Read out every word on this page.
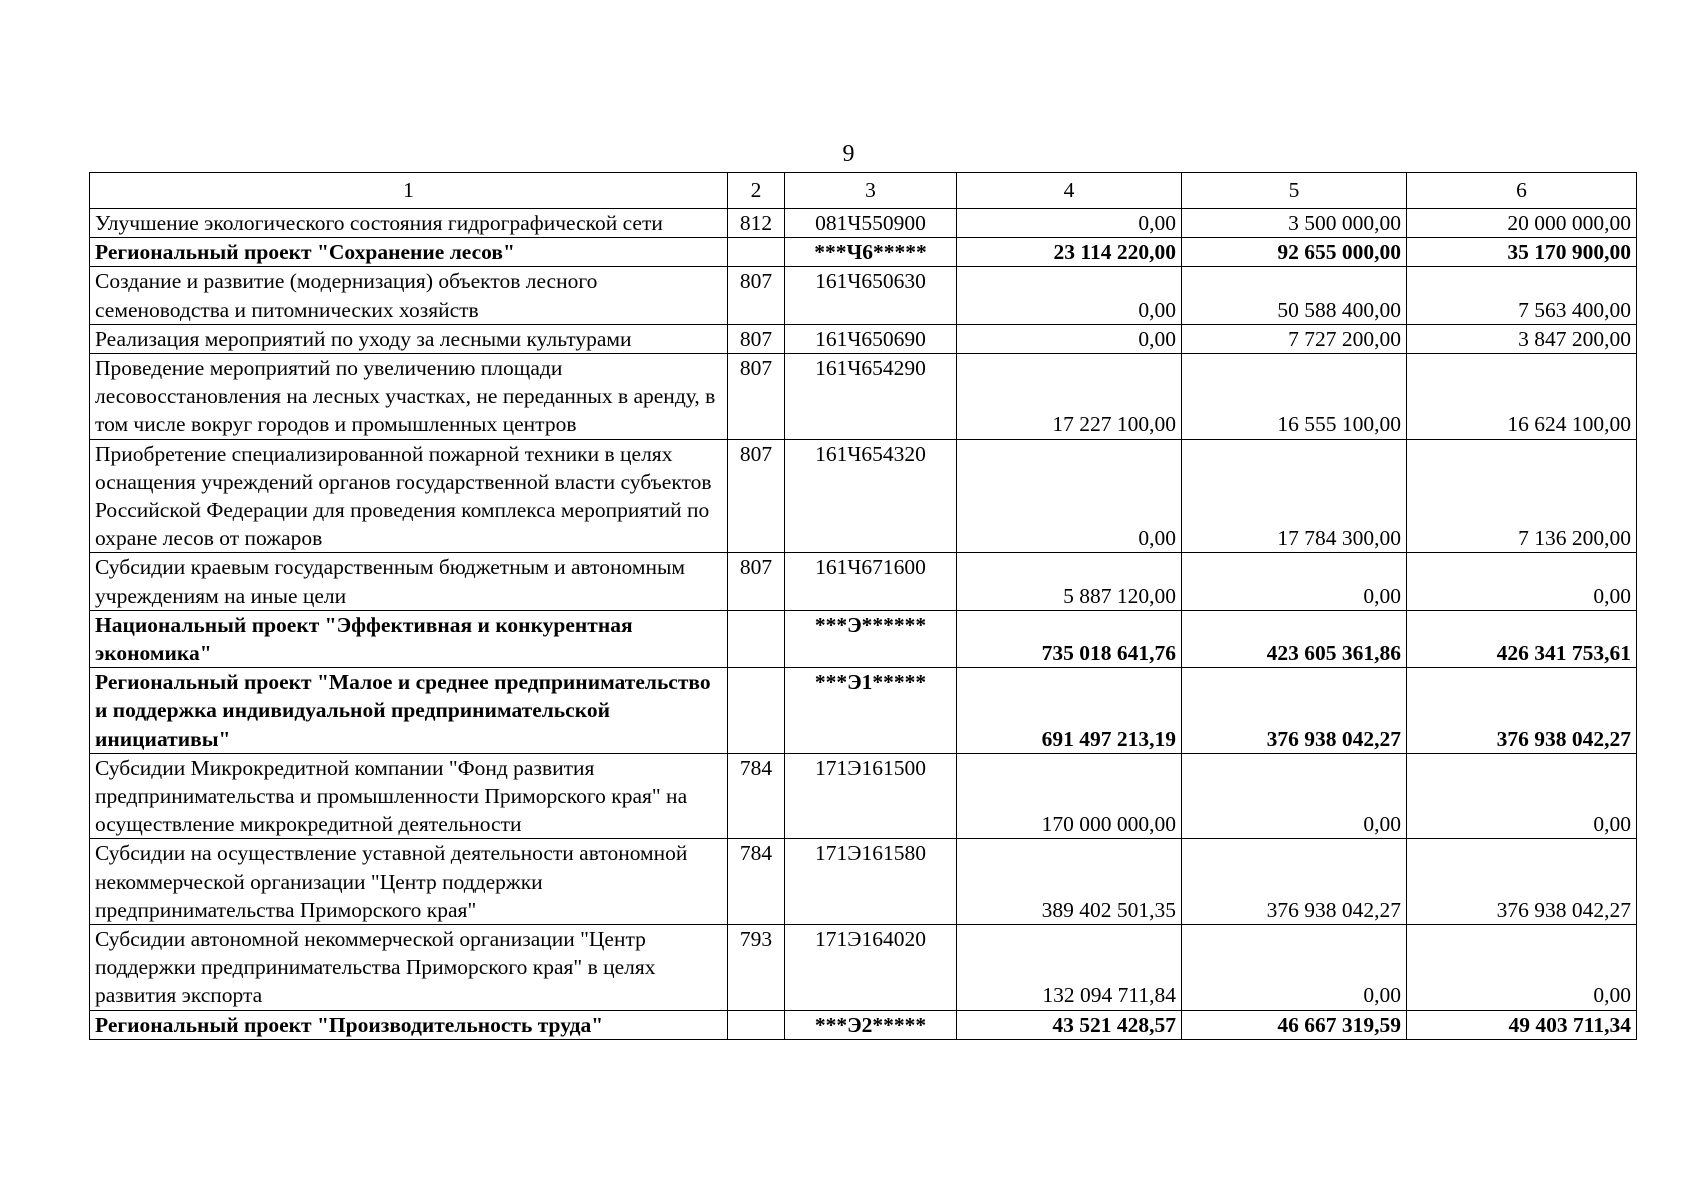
9
1	2	3	4	5	6
Улучшение экологического состояния гидрографической сети	812	081Ч550900	0,00	3 500 000,00	20 000 000,00
Региональный проект "Сохранение лесов"		***Ч6*****	23 114 220,00	92 655 000,00	35 170 900,00
Создание и развитие (модернизация) объектов лесного семеноводства и питомнических хозяйств	807	161Ч650630	0,00	50 588 400,00	7 563 400,00
Реализация мероприятий по уходу за лесными культурами	807	161Ч650690	0,00	7 727 200,00	3 847 200,00
Проведение мероприятий по увеличению площади лесовосстановления на лесных участках, не переданных в аренду, в том числе вокруг городов и промышленных центров	807	161Ч654290	17 227 100,00	16 555 100,00	16 624 100,00
Приобретение специализированной пожарной техники в целях оснащения учреждений органов государственной власти субъектов Российской Федерации для проведения комплекса мероприятий по охране лесов от пожаров	807	161Ч654320	0,00	17 784 300,00	7 136 200,00
Субсидии краевым государственным бюджетным и автономным учреждениям на иные цели	807	161Ч671600	5 887 120,00	0,00	0,00
Национальный проект "Эффективная и конкурентная экономика"		***Э******	735 018 641,76	423 605 361,86	426 341 753,61
Региональный проект "Малое и среднее предпринимательство и поддержка индивидуальной предпринимательской инициативы"		***Э1*****	691 497 213,19	376 938 042,27	376 938 042,27
Субсидии Микрокредитной компании "Фонд развития предпринимательства и промышленности Приморского края" на осуществление микрокредитной деятельности	784	171Э161500	170 000 000,00	0,00	0,00
Субсидии на осуществление уставной деятельности автономной некоммерческой организации "Центр поддержки предпринимательства Приморского края"	784	171Э161580	389 402 501,35	376 938 042,27	376 938 042,27
Субсидии автономной некоммерческой организации "Центр поддержки предпринимательства Приморского края" в целях развития экспорта	793	171Э164020	132 094 711,84	0,00	0,00
Региональный проект "Производительность труда"		***Э2*****	43 521 428,57	46 667 319,59	49 403 711,34
